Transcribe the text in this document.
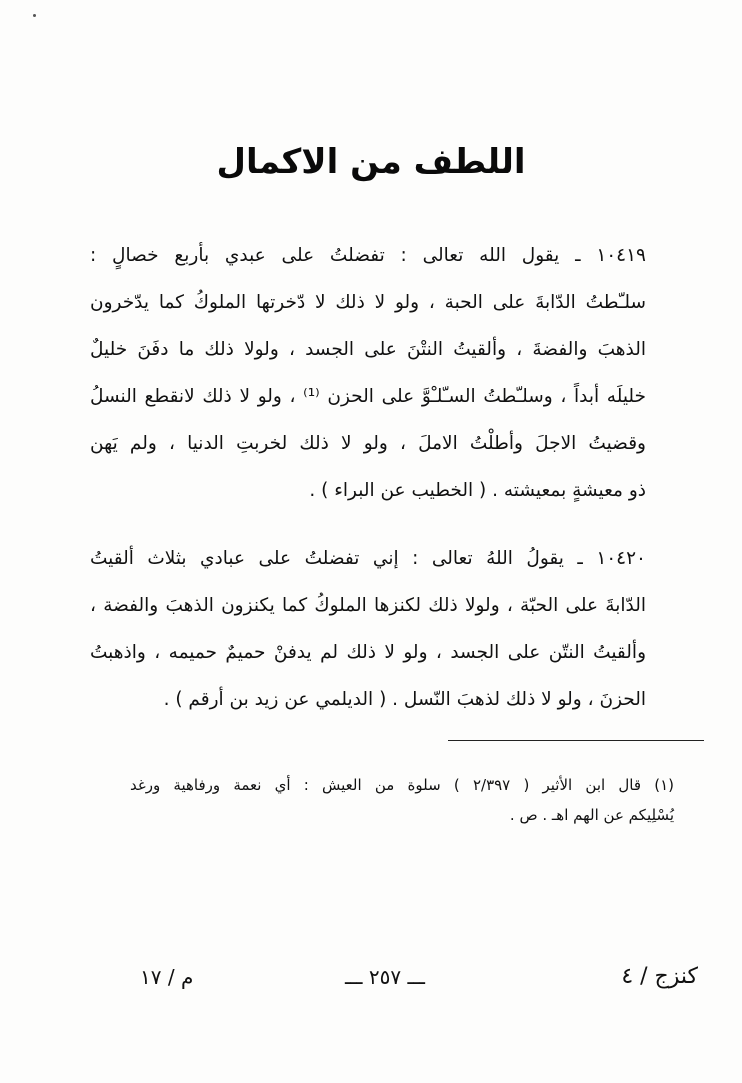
اللطف من الاكمال
١٠٤١٩ ـ يقول الله تعالى : تفضلتُ على عبدي بأربع خصالٍ :
سلـّطتُ الدّابةَ على الحبة ، ولو لا ذلك لا دّخرتها الملوكُ كما يدّخرون
الذهبَ والفضةَ ، وألقيتُ النتْنَ على الجسد ، ولولا ذلك ما دفَنَ خليلٌ
خليلَه أبداً ، وسلـّطتُ السـّلـْوَّ على الحزن ⁽¹⁾ ، ولو لا ذلك لانقطع النسلُ
وقضيتُ الاجلَ وأطلْتُ الاملَ ، ولو لا ذلك لخربتِ الدنيا ، ولم يَهن
ذو معيشةٍ بمعيشته . ( الخطيب عن البراء ) .
١٠٤٢٠ ـ يقولُ اللهُ تعالى : إني تفضلتُ على عبادي بثلاث ألقيتُ
الدّابةَ على الحبّة ، ولولا ذلك لكنزها الملوكُ كما يكنزون الذهبَ والفضة ،
وألقيتُ النتّن على الجسد ، ولو لا ذلك لم يدفنْ حميمٌ حميمه ، واذهبتُ
الحزنَ ، ولو لا ذلك لذهبَ النّسل . ( الديلمي عن زيد بن أرقم ) .
(١) قال ابن الأثير ( ٢/٣٩٧ ) سلوة من العيش : أي نعمة ورفاهية ورغد
يُسْلِيكم عن الهم اهـ . ص .
كنزج / ٤
ـــ ٢٥٧ ـــ
م / ١٧
